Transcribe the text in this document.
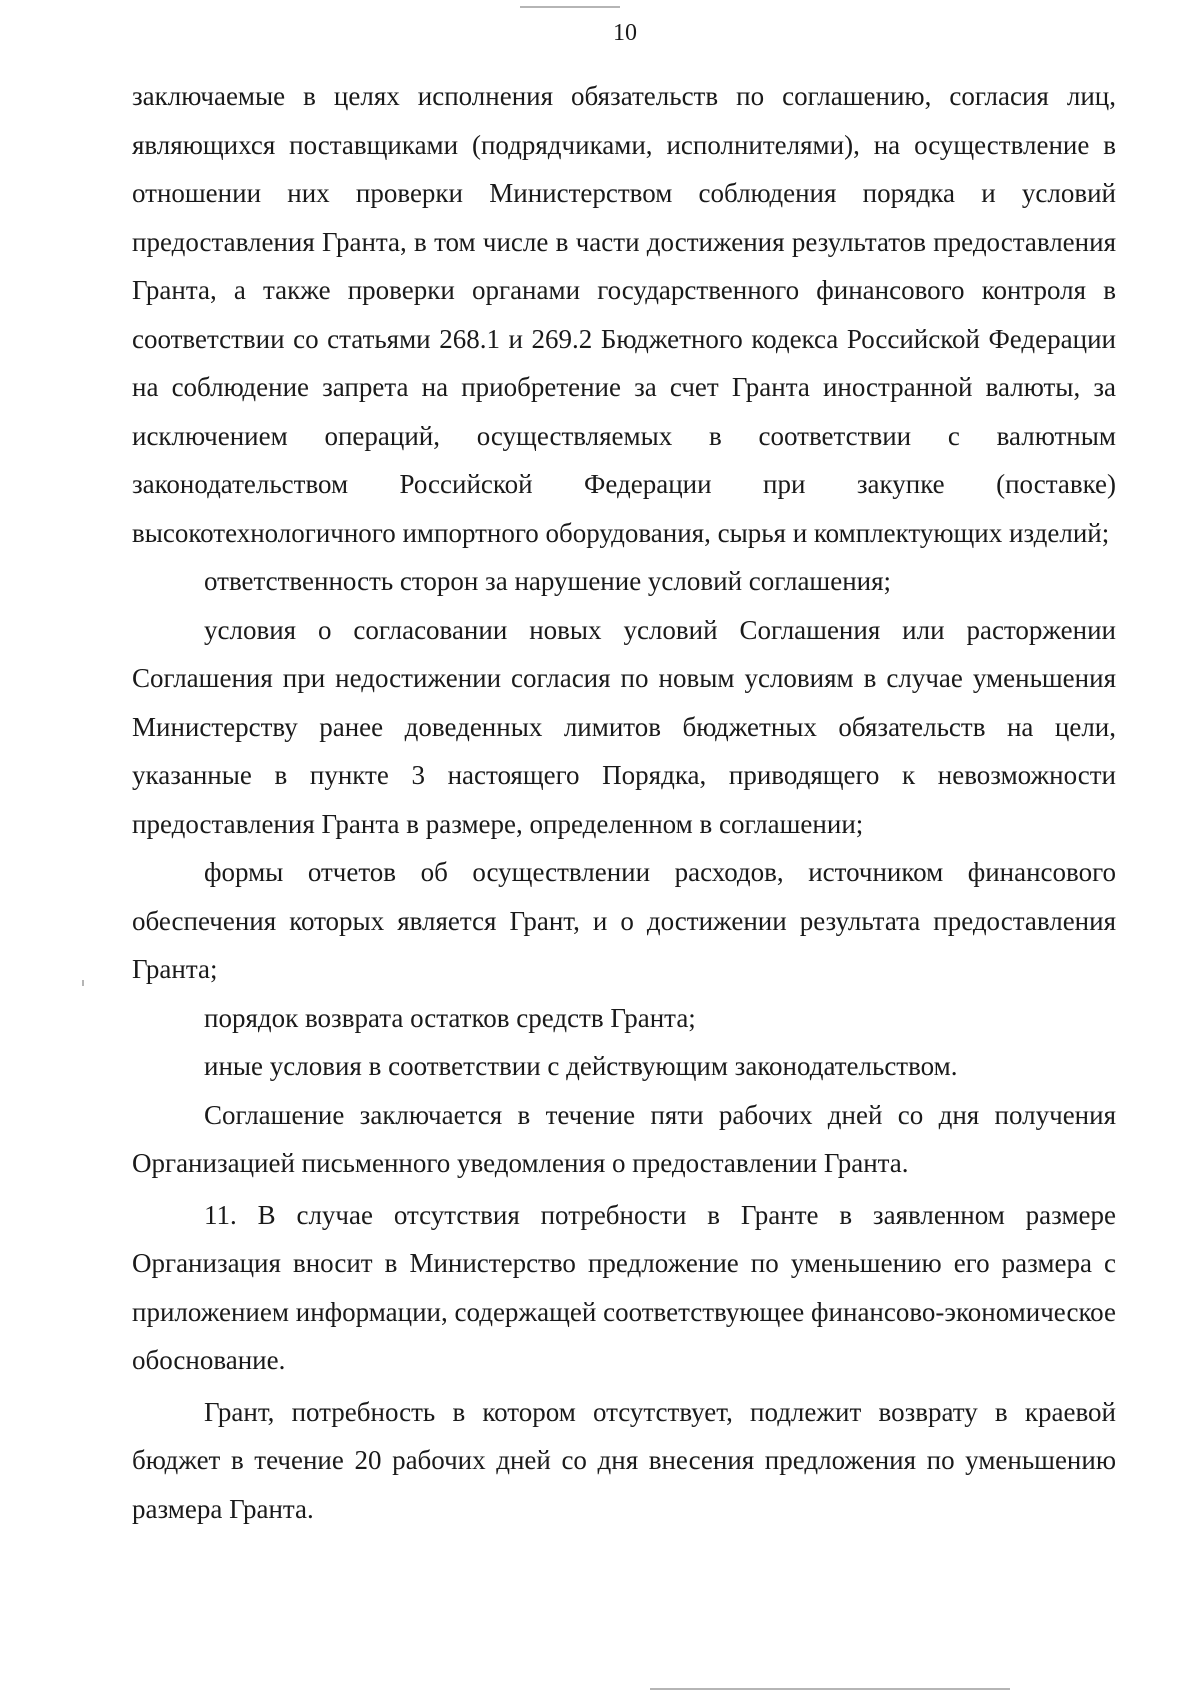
10

заключаемые в целях исполнения обязательств по соглашению, согласия лиц, являющихся поставщиками (подрядчиками, исполнителями), на осуществление в отношении них проверки Министерством соблюдения порядка и условий предоставления Гранта, в том числе в части достижения результатов предоставления Гранта, а также проверки органами государственного финансового контроля в соответствии со статьями 268.1 и 269.2 Бюджетного кодекса Российской Федерации на соблюдение запрета на приобретение за счет Гранта иностранной валюты, за исключением операций, осуществляемых в соответствии с валютным законодательством Российской Федерации при закупке (поставке) высокотехнологичного импортного оборудования, сырья и комплектующих изделий;

ответственность сторон за нарушение условий соглашения;

условия о согласовании новых условий Соглашения или расторжении Соглашения при недостижении согласия по новым условиям в случае уменьшения Министерству ранее доведенных лимитов бюджетных обязательств на цели, указанные в пункте 3 настоящего Порядка, приводящего к невозможности предоставления Гранта в размере, определенном в соглашении;

формы отчетов об осуществлении расходов, источником финансового обеспечения которых является Грант, и о достижении результата предоставления Гранта;

порядок возврата остатков средств Гранта;

иные условия в соответствии с действующим законодательством.

Соглашение заключается в течение пяти рабочих дней со дня получения Организацией письменного уведомления о предоставлении Гранта.

11. В случае отсутствия потребности в Гранте в заявленном размере Организация вносит в Министерство предложение по уменьшению его размера с приложением информации, содержащей соответствующее финансово-экономическое обоснование.

Грант, потребность в котором отсутствует, подлежит возврату в краевой бюджет в течение 20 рабочих дней со дня внесения предложения по уменьшению размера Гранта.
